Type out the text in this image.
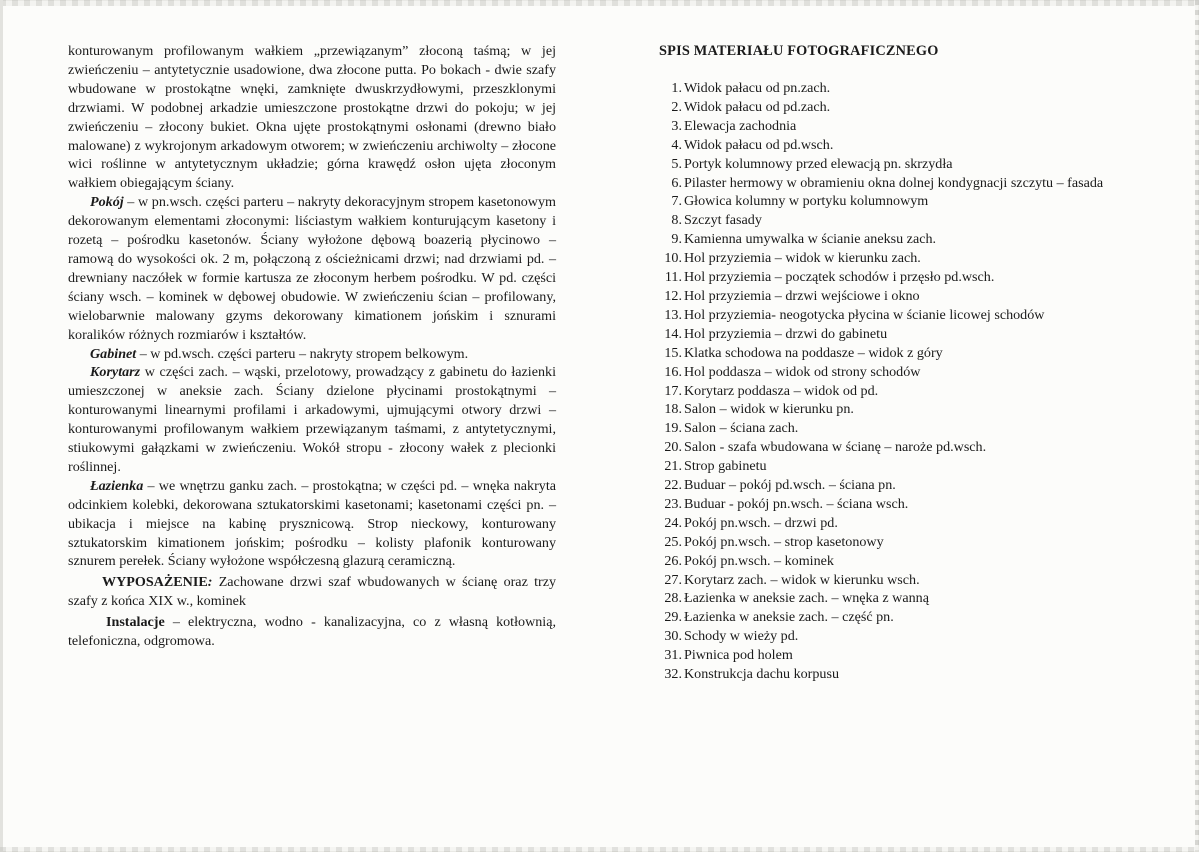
konturowanym profilowanym wałkiem „przewiązanym” złoconą taśmą; w jej zwieńczeniu – antytetycznie usadowione, dwa złocone putta. Po bokach - dwie szafy wbudowane w prostokątne wnęki, zamknięte dwuskrzydłowymi, przeszklonymi drzwiami. W podobnej arkadzie umieszczone prostokątne drzwi do pokoju; w jej zwieńczeniu – złocony bukiet. Okna ujęte prostokątnymi osłonami (drewno biało malowane) z wykrojonym arkadowym otworem; w zwieńczeniu archiwolty – złocone wici roślinne w antytetycznym układzie; górna krawędź osłon ujęta złoconym wałkiem obiegającym ściany.

Pokój – w pn.wsch. części parteru – nakryty dekoracyjnym stropem kasetonowym dekorowanym elementami złoconymi: liściastym wałkiem konturującym kasetony i rozetą – pośrodku kasetonów. Ściany wyłożone dębową boazerią płycinowo – ramową do wysokości ok. 2 m, połączoną z ościeżnicami drzwi; nad drzwiami pd. – drewniany naczółek w formie kartusza ze złoconym herbem pośrodku. W pd. części ściany wsch. – kominek w dębowej obudowie. W zwieńczeniu ścian – profilowany, wielobarwnie malowany gzyms dekorowany kimationem jońskim i sznurami koralików różnych rozmiarów i kształtów.

Gabinet – w pd.wsch. części parteru – nakryty stropem belkowym.

Korytarz w części zach. – wąski, przelotowy, prowadzący z gabinetu do łazienki umieszczonej w aneksie zach. Ściany dzielone płycinami prostokątnymi – konturowanymi linearnymi profilami i arkadowymi, ujmującymi otwory drzwi – konturowanymi profilowanym wałkiem przewiązanym taśmami, z antytetycznymi, stiukowymi gałązkami w zwieńczeniu. Wokół stropu - złocony wałek z plecionki roślinnej.

Łazienka – we wnętrzu ganku zach. – prostokątna; w części pd. – wnęka nakryta odcinkiem kolebki, dekorowana sztukatorskimi kasetonami; kasetonami części pn. – ubikacja i miejsce na kabinę prysznicową. Strop nieckowy, konturowany sztukatorskim kimationem jońskim; pośrodku – kolisty plafonik konturowany sznurem perełek. Ściany wyłożone współczesną glazurą ceramiczną.

WYPOSAŻENIE: Zachowane drzwi szaf wbudowanych w ścianę oraz trzy szafy z końca XIX w., kominek

Instalacje – elektryczna, wodno - kanalizacyjna, co z własną kotłownią, telefoniczna, odgromowa.

SPIS MATERIAŁU FOTOGRAFICZNEGO
1. Widok pałacu od pn.zach.
2. Widok pałacu od pd.zach.
3. Elewacja zachodnia
4. Widok pałacu od pd.wsch.
5. Portyk kolumnowy przed elewacją pn. skrzydła
6. Pilaster hermowy w obramieniu okna dolnej kondygnacji szczytu – fasada
7. Głowica kolumny w portyku kolumnowym
8. Szczyt fasady
9. Kamienna umywalka w ścianie aneksu zach.
10. Hol przyziemia – widok w kierunku zach.
11. Hol przyziemia – początek schodów i przęsło pd.wsch.
12. Hol przyziemia – drzwi wejściowe i okno
13. Hol przyziemia- neogotycka płycina w ścianie licowej schodów
14. Hol przyziemia – drzwi do gabinetu
15. Klatka schodowa na poddasze – widok z góry
16. Hol poddasza – widok od strony schodów
17. Korytarz poddasza – widok od pd.
18. Salon – widok w kierunku pn.
19. Salon – ściana zach.
20. Salon - szafa wbudowana w ścianę – naroże pd.wsch.
21. Strop gabinetu
22. Buduar – pokój pd.wsch. – ściana pn.
23. Buduar - pokój pn.wsch. – ściana wsch.
24. Pokój pn.wsch. – drzwi pd.
25. Pokój pn.wsch. – strop kasetonowy
26. Pokój pn.wsch. – kominek
27. Korytarz zach. – widok w kierunku wsch.
28. Łazienka w aneksie zach. – wnęka z wanną
29. Łazienka w aneksie zach. – część pn.
30. Schody w wieży pd.
31. Piwnica pod holem
32. Konstrukcja dachu korpusu
